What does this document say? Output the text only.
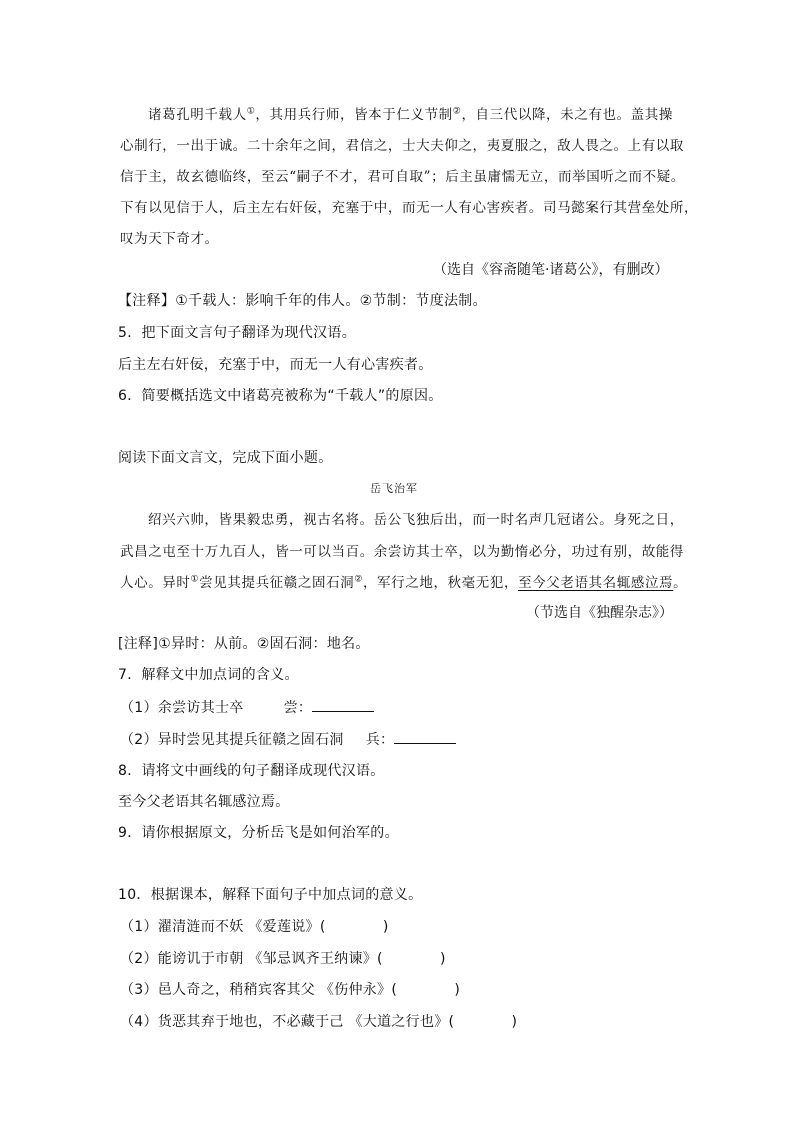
诸葛孔明千载人①，其用兵行师，皆本于仁义节制②，自三代以降，未之有也。盖其操
心制行，一出于诚。二十余年之间，君信之，士大夫仰之，夷夏服之，敌人畏之。上有以取
信于主，故玄德临终，至云“嗣子不才，君可自取”；后主虽庸懦无立，而举国听之而不疑。
下有以见信于人，后主左右奸佞，充塞于中，而无一人有心害疾者。司马懿案行其营垒处所，
叹为天下奇才。
（选自《容斋随笔·诸葛公》，有删改）
【注释】①千载人：影响千年的伟人。②节制：节度法制。
5．把下面文言句子翻译为现代汉语。
后主左右奸佞，充塞于中，而无一人有心害疾者。
6．简要概括选文中诸葛亮被称为“千载人”的原因。
阅读下面文言文，完成下面小题。
岳飞治军
绍兴六帅，皆果毅忠勇，视古名将。岳公飞独后出，而一时名声几冠诸公。身死之日，
武昌之屯至十万九百人，皆一可以当百。余尝访其士卒，以为勤惰必分，功过有别，故能得
人心。异时①尝见其提兵征赣之固石洞②，军行之地，秋毫无犯，至今父老语其名辄感泣焉。
（节选自《独醒杂志》）
[注释]①异时：从前。②固石洞：地名。
7．解释文中加点词的含义。
（1）余尝访其士卒	尝：
（2）异时尝见其提兵征赣之固石洞 兵：
8．请将文中画线的句子翻译成现代汉语。
至今父老语其名辄感泣焉。
9．请你根据原文，分析岳飞是如何治军的。
10．根据课本，解释下面句子中加点词的意义。
（1）濯清涟而不妖 《爱莲说》(　　　　)
（2）能谤讥于市朝 《邹忌讽齐王纳谏》(　　　　)
（3）邑人奇之，稍稍宾客其父 《伤仲永》(　　　　)
（4）货恶其弃于地也，不必藏于己 《大道之行也》(　　　　)
